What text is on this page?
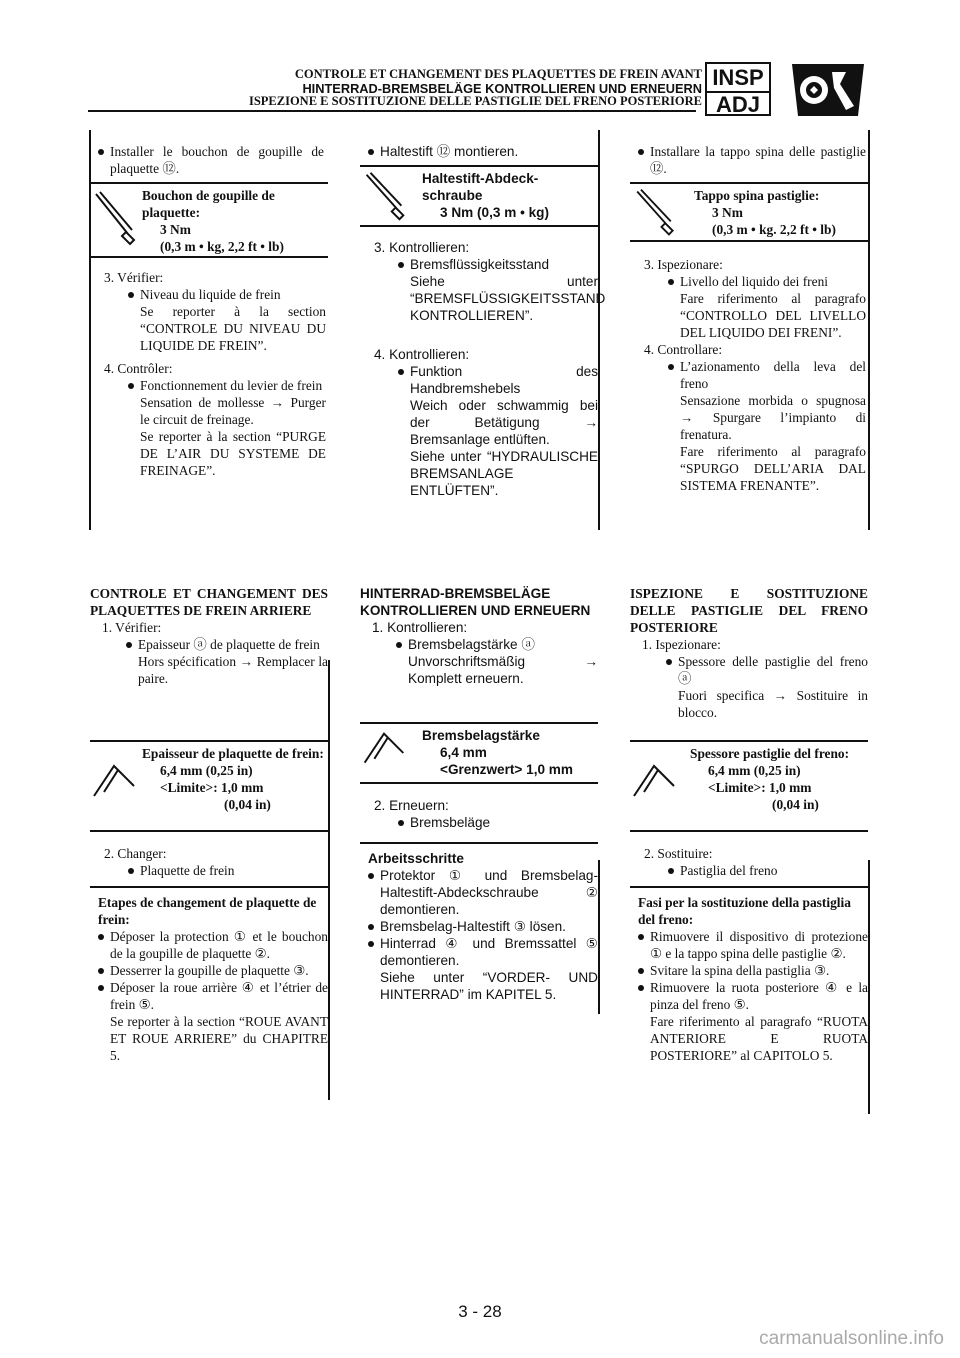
CONTROLE ET CHANGEMENT DES PLAQUETTES DE FREIN AVANT
HINTERRAD-BREMSBELÄGE KONTROLLIEREN UND ERNEUERN
ISPEZIONE E SOSTITUZIONE DELLE PASTIGLIE DEL FRENO POSTERIORE
INSP
ADJ
Installer le bouchon de goupille de plaquette ⑫.
Bouchon de goupille de plaquette:
3 Nm
(0,3 m • kg, 2,2 ft • lb)
3. Vérifier:
Niveau du liquide de frein
Se reporter à la section “CONTROLE DU NIVEAU DU LIQUIDE DE FREIN”.
4. Contrôler:
Fonctionnement du levier de frein
Sensation de mollesse → Purger le circuit de freinage.
Se reporter à la section “PURGE DE L’AIR DU SYSTEME DE FREINAGE”.
Haltestift ⑫ montieren.
Haltestift-Abdeck-schraube
3 Nm (0,3 m • kg)
3. Kontrollieren:
Bremsflüssigkeitsstand
Siehe unter “BREMSFLÜSSIGKEITSSTAND KONTROLLIEREN”.
4. Kontrollieren:
Funktion des Handbremshebels
Weich oder schwammig bei der Betätigung → Bremsanlage entlüften.
Siehe unter “HYDRAULISCHE BREMSANLAGE ENTLÜFTEN”.
Installare la tappo spina delle pastiglie ⑫.
Tappo spina pastiglie:
3 Nm
(0,3 m • kg. 2,2 ft • lb)
3. Ispezionare:
Livello del liquido dei freni
Fare riferimento al paragrafo “CONTROLLO DEL LIVELLO DEL LIQUIDO DEI FRENI”.
4. Controllare:
L’azionamento della leva del freno
Sensazione morbida o spugnosa → Spurgare l’impianto di frenatura.
Fare riferimento al paragrafo “SPURGO DELL’ARIA DAL SISTEMA FRENANTE”.
CONTROLE ET CHANGEMENT DES PLAQUETTES DE FREIN ARRIERE
1. Vérifier:
Epaisseur ⓐ de plaquette de frein
Hors spécification → Remplacer la paire.
Epaisseur de plaquette de frein:
6,4 mm (0,25 in)
<Limite>: 1,0 mm
(0,04 in)
2. Changer:
Plaquette de frein
Etapes de changement de plaquette de frein:
Déposer la protection ① et le bouchon de la goupille de plaquette ②.
Desserrer la goupille de plaquette ③.
Déposer la roue arrière ④ et l’étrier de frein ⑤.
Se reporter à la section “ROUE AVANT ET ROUE ARRIERE” du CHAPITRE 5.
HINTERRAD-BREMSBELÄGE KONTROLLIEREN UND ERNEUERN
1. Kontrollieren:
Bremsbelagstärke ⓐ
Unvorschriftsmäßig → Komplett erneuern.
Bremsbelagstärke
6,4 mm
<Grenzwert> 1,0 mm
2. Erneuern:
Bremsbeläge
Arbeitsschritte
Protektor ① und Bremsbelag-Haltestift-Abdeckschraube ② demontieren.
Bremsbelag-Haltestift ③ lösen.
Hinterrad ④ und Bremssattel ⑤ demontieren.
Siehe unter “VORDER- UND HINTERRAD” im KAPITEL 5.
ISPEZIONE E SOSTITUZIONE DELLE PASTIGLIE DEL FRENO POSTERIORE
1. Ispezionare:
Spessore delle pastiglie del freno ⓐ
Fuori specifica → Sostituire in blocco.
Spessore pastiglie del freno:
6,4 mm (0,25 in)
<Limite>: 1,0 mm
(0,04 in)
2. Sostituire:
Pastiglia del freno
Fasi per la sostituzione della pastiglia del freno:
Rimuovere il dispositivo di protezione ① e la tappo spina delle pastiglie ②.
Svitare la spina della pastiglia ③.
Rimuovere la ruota posteriore ④ e la pinza del freno ⑤.
Fare riferimento al paragrafo “RUOTA ANTERIORE E RUOTA POSTERIORE” al CAPITOLO 5.
3 - 28
carmanualsonline.info
